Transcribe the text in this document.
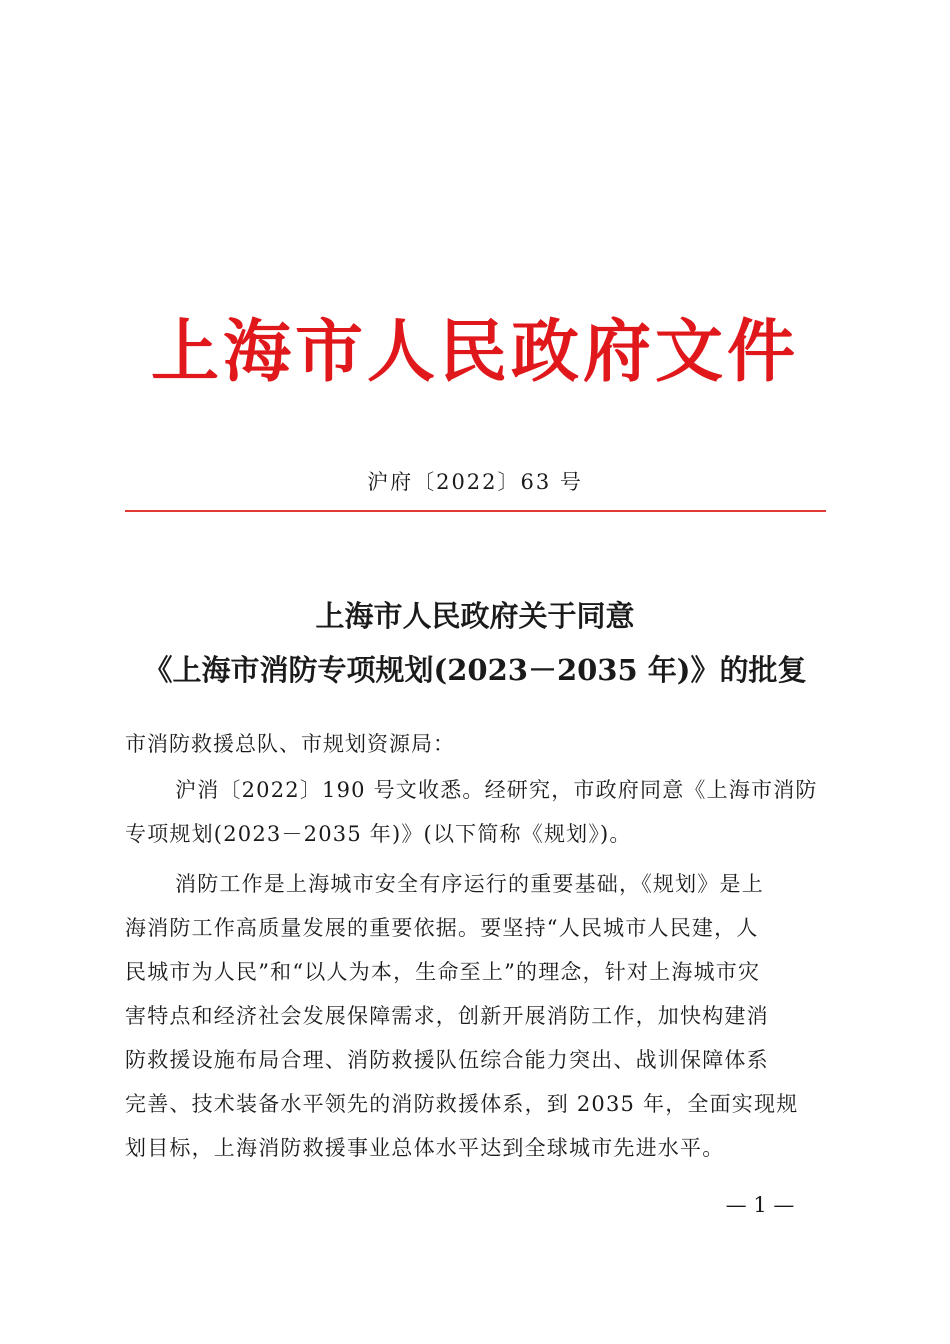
上海市人民政府文件
沪府〔2022〕63 号
上海市人民政府关于同意
《上海市消防专项规划(2023－2035 年)》的批复
市消防救援总队、市规划资源局：
沪消〔2022〕190 号文收悉。经研究，市政府同意《上海市消防
专项规划(2023－2035 年)》(以下简称《规划》)。
消防工作是上海城市安全有序运行的重要基础，《规划》是上
海消防工作高质量发展的重要依据。要坚持“人民城市人民建，人
民城市为人民”和“以人为本，生命至上”的理念，针对上海城市灾
害特点和经济社会发展保障需求，创新开展消防工作，加快构建消
防救援设施布局合理、消防救援队伍综合能力突出、战训保障体系
完善、技术装备水平领先的消防救援体系，到 2035 年，全面实现规
划目标，上海消防救援事业总体水平达到全球城市先进水平。
— 1 —
